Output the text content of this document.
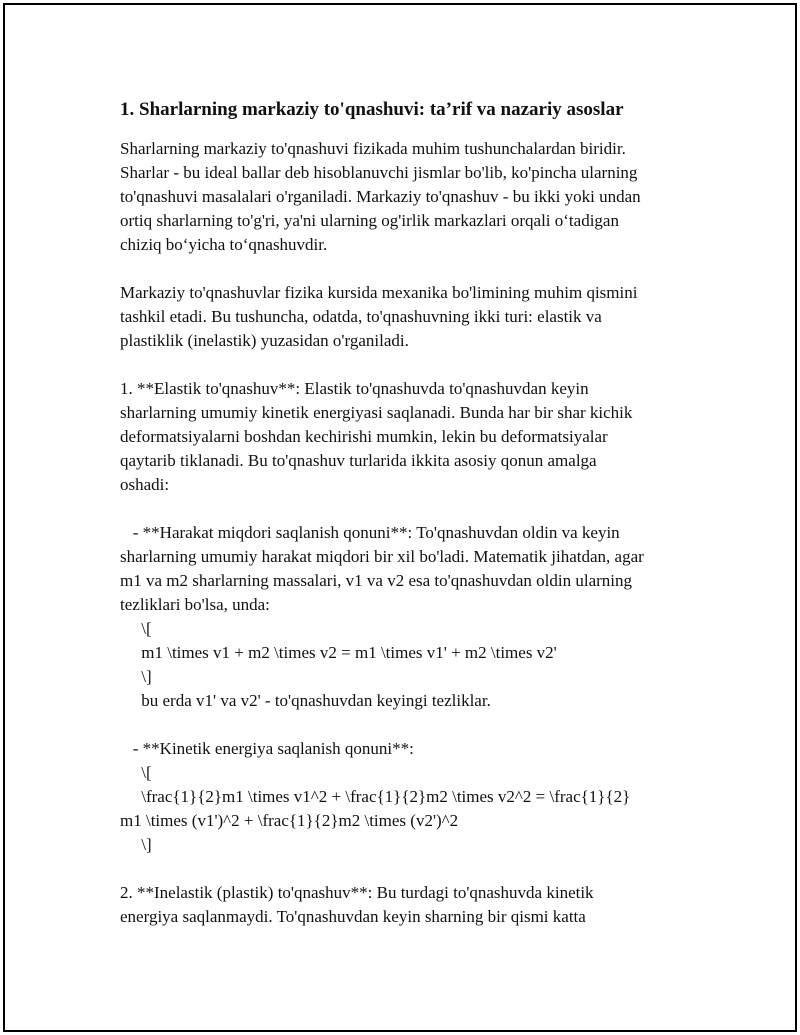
1. Sharlarning markaziy to'qnashuvi: ta’rif va nazariy asoslar
Sharlarning markaziy to'qnashuvi fizikada muhim tushunchalardan biridir.
Sharlar - bu ideal ballar deb hisoblanuvchi jismlar bo'lib, ko'pincha ularning
to'qnashuvi masalalari o'rganiladi. Markaziy to'qnashuv - bu ikki yoki undan
ortiq sharlarning to'g'ri, ya'ni ularning og'irlik markazlari orqali o‘tadigan
chiziq bo‘yicha to‘qnashuvdir.
Markaziy to'qnashuvlar fizika kursida mexanika bo'limining muhim qismini
tashkil etadi. Bu tushuncha, odatda, to'qnashuvning ikki turi: elastik va
plastiklik (inelastik) yuzasidan o'rganiladi.
1. **Elastik to'qnashuv**: Elastik to'qnashuvda to'qnashuvdan keyin
sharlarning umumiy kinetik energiyasi saqlanadi. Bunda har bir shar kichik
deformatsiyalarni boshdan kechirishi mumkin, lekin bu deformatsiyalar
qaytarib tiklanadi. Bu to'qnashuv turlarida ikkita asosiy qonun amalga
oshadi:
- **Harakat miqdori saqlanish qonuni**: To'qnashuvdan oldin va keyin
sharlarning umumiy harakat miqdori bir xil bo'ladi. Matematik jihatdan, agar
m1 va m2 sharlarning massalari, v1 va v2 esa to'qnashuvdan oldin ularning
tezliklari bo'lsa, unda:
\[
m1 \times v1 + m2 \times v2 = m1 \times v1' + m2 \times v2'
\]
bu erda v1' va v2' - to'qnashuvdan keyingi tezliklar.
- **Kinetik energiya saqlanish qonuni**:
\[
\frac{1}{2}m1 \times v1^2 + \frac{1}{2}m2 \times v2^2 = \frac{1}{2}
m1 \times (v1')^2 + \frac{1}{2}m2 \times (v2')^2
\]
2. **Inelastik (plastik) to'qnashuv**: Bu turdagi to'qnashuvda kinetik
energiya saqlanmaydi. To'qnashuvdan keyin sharning bir qismi katta
